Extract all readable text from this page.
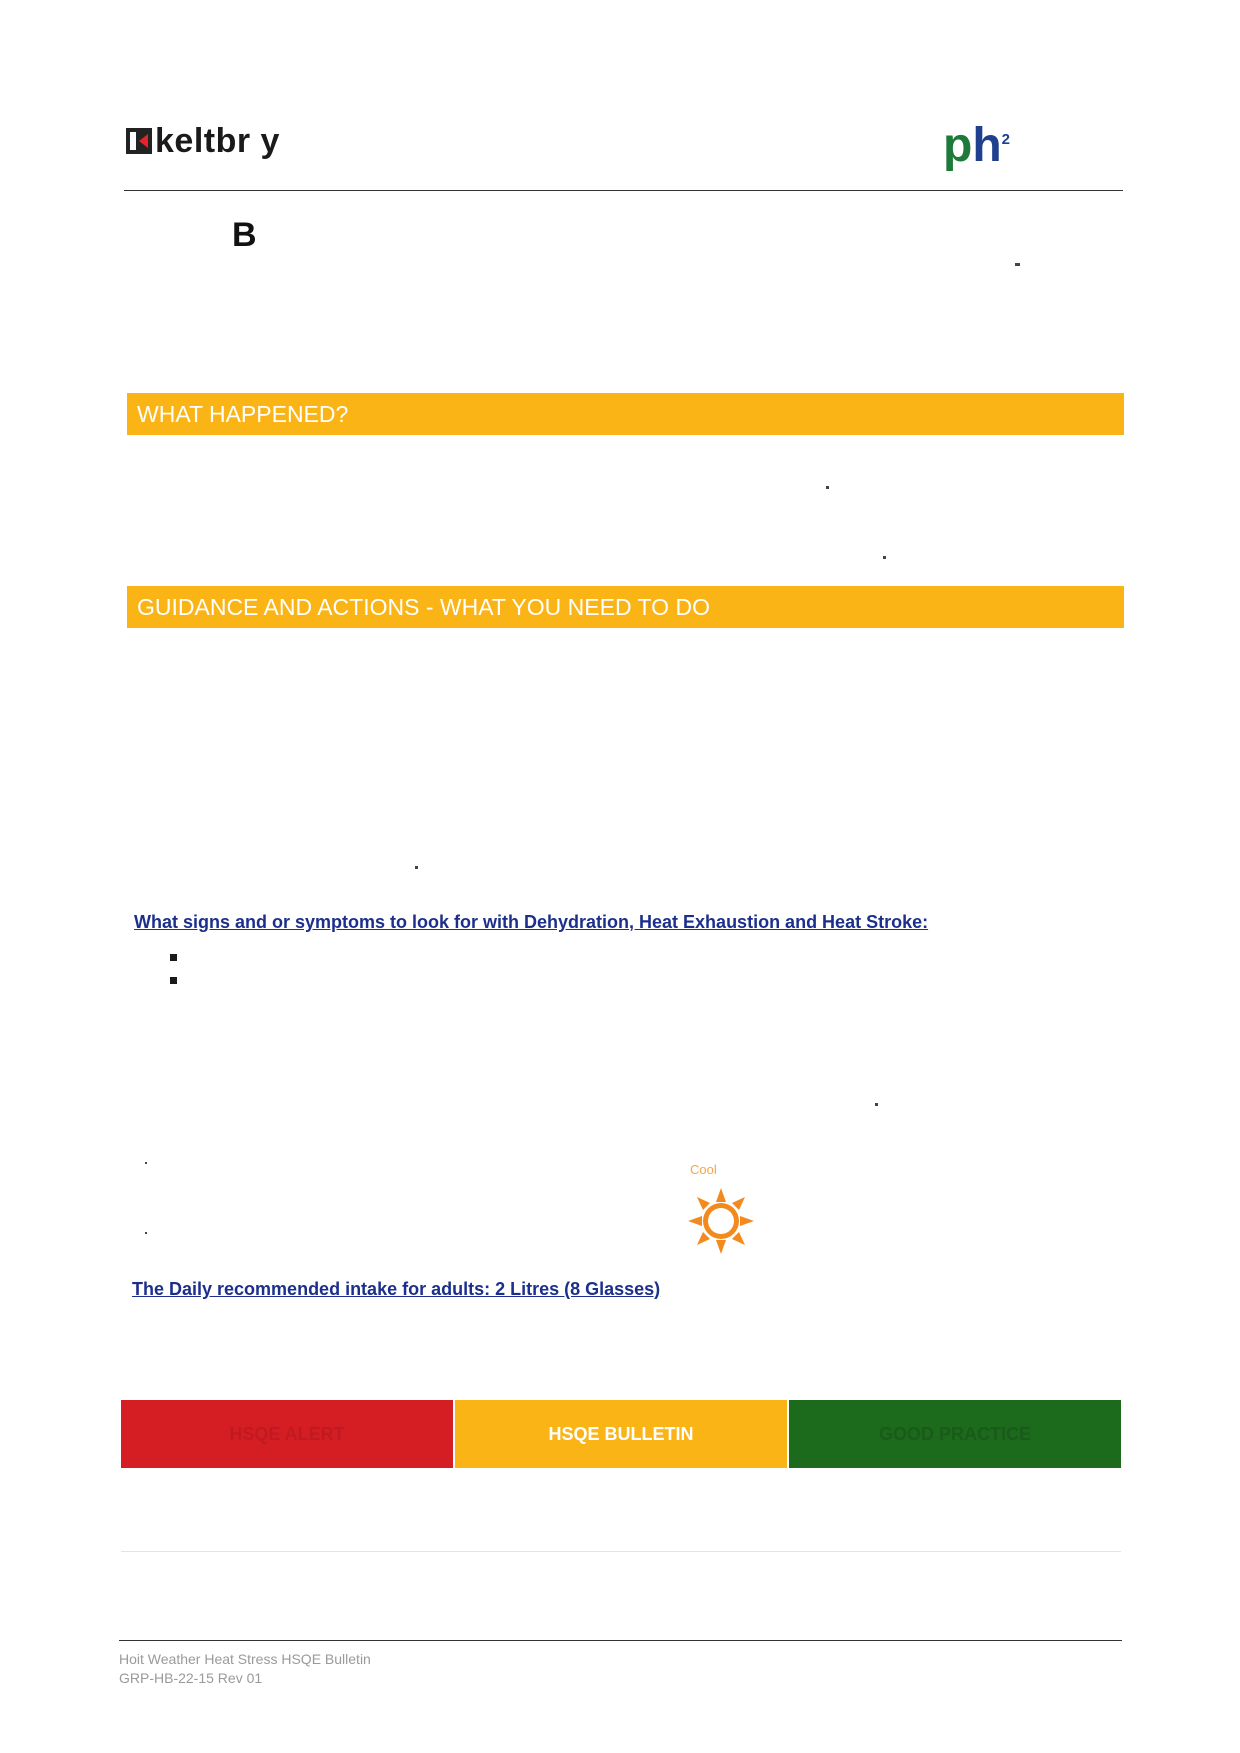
keltbr y	$ph^2$
B
WHAT HAPPENED?
GUIDANCE AND ACTIONS - WHAT YOU NEED TO DO
What signs and or symptoms to look for with Dehydration, Heat Exhaustion and Heat Stroke:
Cool
The Daily recommended intake for adults: 2 Litres (8 Glasses)
HSQE ALERT	HSQE BULLETIN	GOOD PRACTICE
Hoit Weather Heat Stress HSQE Bulletin
GRP-HB-22-15 Rev 01
